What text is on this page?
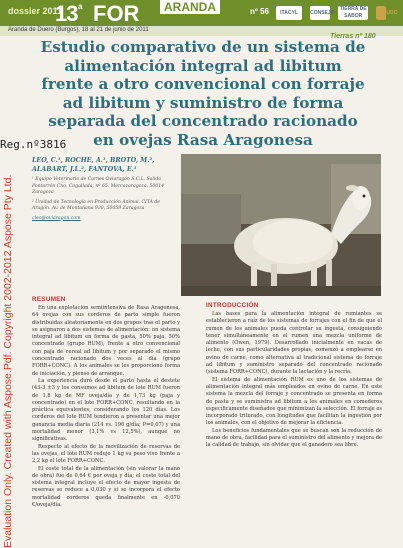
dossier 2011
13 a FOR	ARANDA	nº 56	ITACYL CONSEJO TIERRA DE SABOR	ESCUDO
Aranda de Duero (Burgos), 18 al 21 de junio de 2011
Tierras nº 180
Estudio comparativo de un sistema de alimentación integral ad libitum frente a otro convencional con forraje ad libitum y suministro de forma separada del concentrado racionado en ovejas Rasa Aragonesa
Reg.nº3816
LEO, C.¹, ROCHE, A.¹, BROTO, M.², ALABART, J.L.², FANTOVA, E.¹

¹ Equipo Veterinario de Carnes Oviaragón S.C.L. Salida Pontarrón Cno. Cogullada, nº 65. Mercazaragoza, 50014 Zaragoza

² Unidad de Tecnología en Producción Animal. CITA de Aragón. Av. de Montañana 930, 50059 Zaragoza

cleo@oviaragon.com

Evaluation Only. Created with Aspose.Pdf. Copyright 2002-2012 Aspose Pty Ltd.	RESUMEN

En una explotación semiintensiva de Rasa Aragonesa, 64 ovejas con sus corderos de parto simple fueron distribuidas aleatoriamente en dos grupos tras el parto y se asignaron a dos sistemas de alimentación: un sistema integral ad libitum en forma de pasta, 50% paja, 50% concentrado (grupo RUM), frente a otro convencional con paja de cereal ad libitum y por separado el mismo concentrado racionado dos veces al día (grupo FORR+CONC). A los animales se les proporcionó forma de iniciación, y pienso de arranque.

La experiencia duró desde el parto hasta el destete (43-3 ±3 y los consumos ad libitum de lote RUM fueron de 1,8 kg de MF oveja/día y de 1,73 kg (paja y concentrado) en el lote FORR+CONC, resultando en la práctica equivalentes, considerando los 120 días. Los corderos del lote RUM tendieron a presentar una mejor ganancia media diaria (214 vs. 196 g/día; P=0,07) y una mortalidad menor (3,1% vs 12,5%), aunque no significativas.

Respecto al efecto de la movilización de reservas de las ovejas, el lote RUM redujo 1 kg su peso vivo frente a 2,2 kg el lote FORR+CONC.

El coste total de la alimentación (sin valorar la mano de obra) fue de 0,64 € por oveja y día; el coste total del sistema integral incluye el efecto de mayor ingesta de reservas se reduce a 0,030 y si se incorpora el efecto mortalidad corderos queda finalmente en -0,070 €/oveja/día.

INTRODUCCIÓN

Las bases para la alimentación integral de rumiantes se establecieron a raíz de los sistemas de forrajes con el fin de que el rumen de los animales pueda controlar su ingesta, consiguiendo tener simultáneamente en el rumen una mezcla uniforme de alimento (Owen, 1979). Desarrollado inicialmente en vacas de leche, con sus particularidades propias, comenzó a emplearse en ovino de carne, como alternativa al tradicional sistema de forraje ad libitum y suministro separado del concentrado racionado (sistema FORR+CONC), durante la lactación y la recría.

El sistema de alimentación RUM es uno de los sistemas de alimentación integral más empleados en ovino de carne. En este sistema la mezcla del forraje y concentrado se presenta en forma de pasta y se suministra ad libitum a los animales en comederos específicamente diseñados que minimizan la selección. El forraje es incorporado triturado, con longitudes que facilitan la ingestión por los animales, con el objetivo de mejorar la eficiencia.

Los beneficios fundamentales que se buscan son la reducción de mano de obra, facilidad para el suministro del alimento y mejora de la calidad de trabajo, sin olvidar que el ganadero sea libre.
